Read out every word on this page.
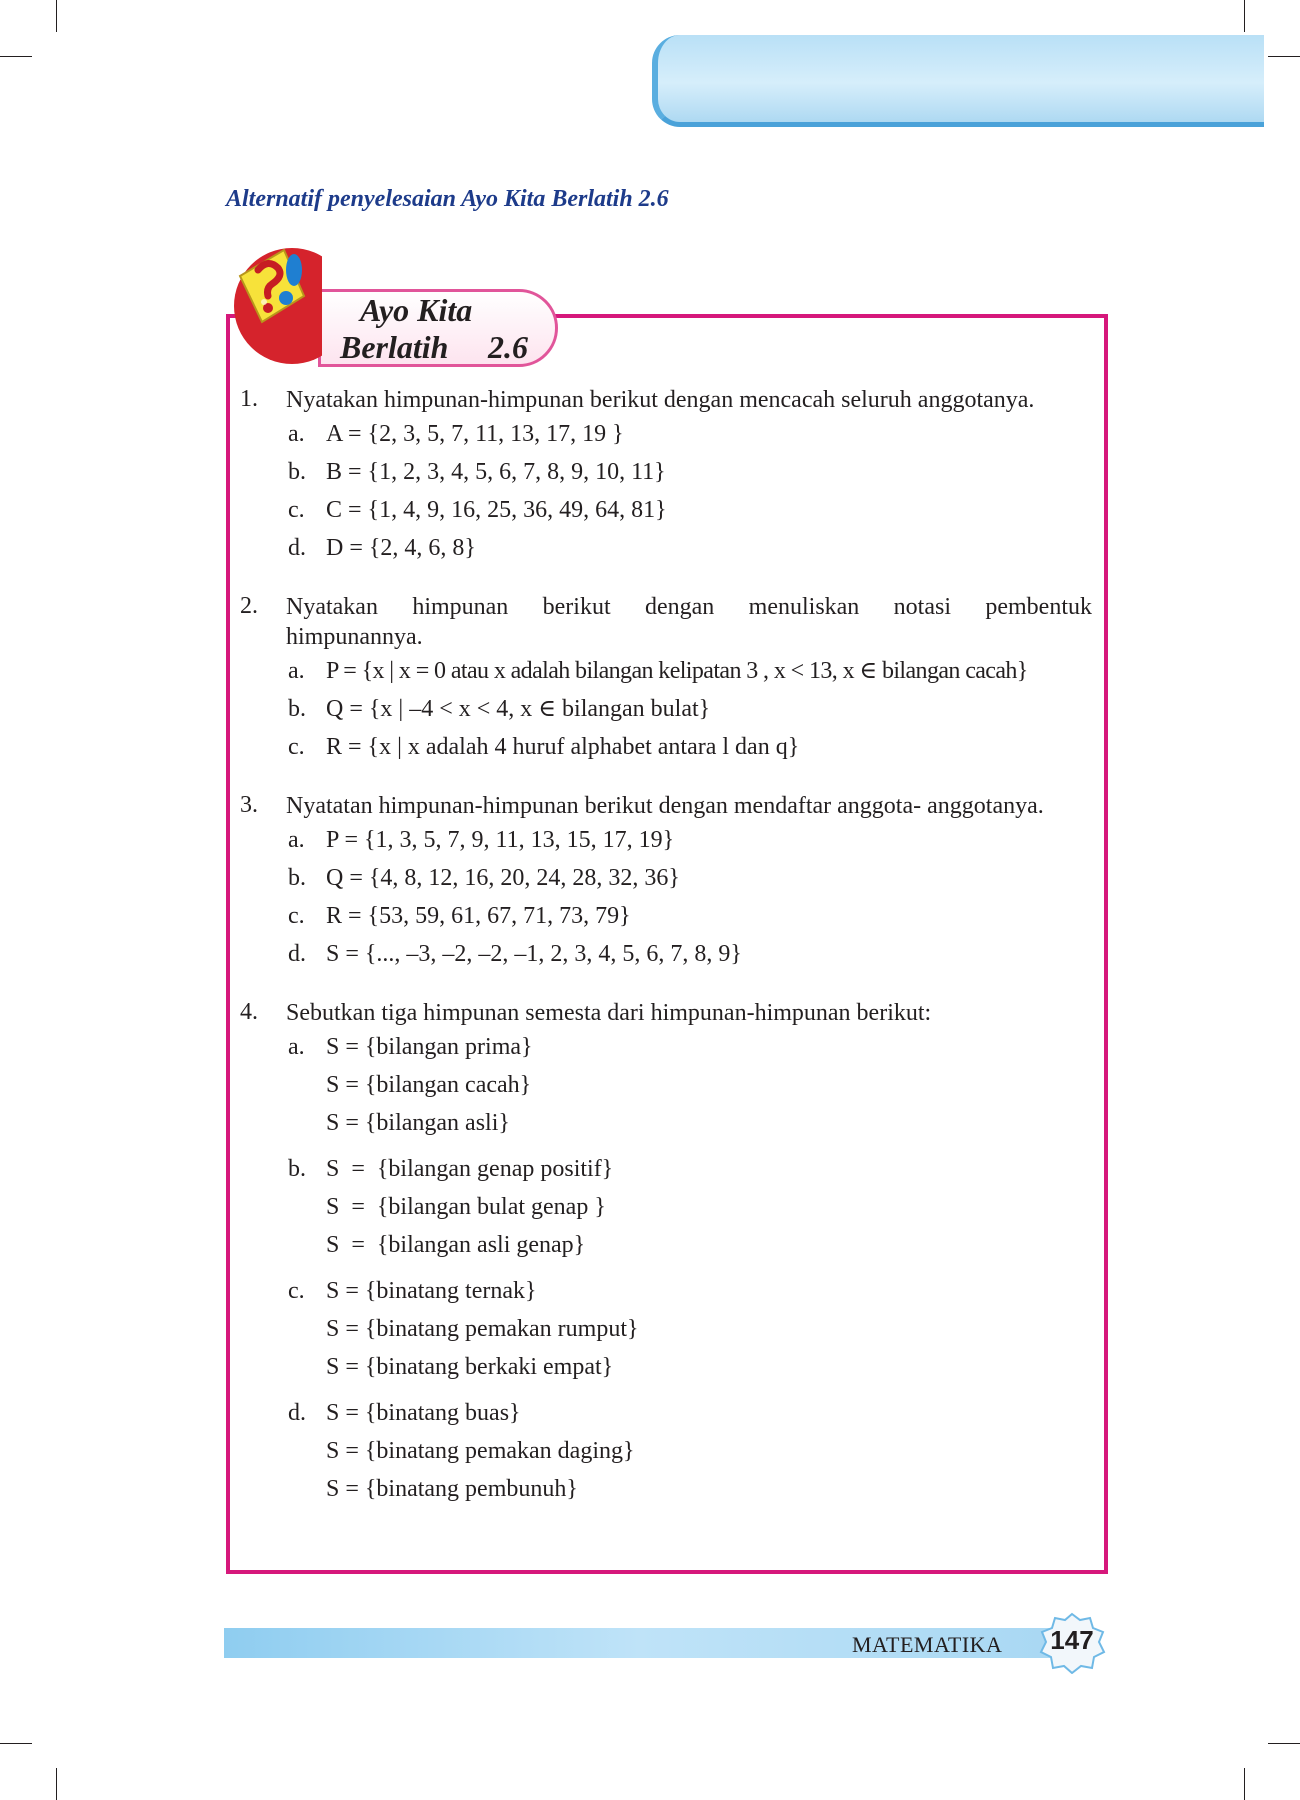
Alternatif penyelesaian Ayo Kita Berlatih 2.6
Ayo Kita
Berlatih 2.6
1. Nyatakan himpunan-himpunan berikut dengan mencacah seluruh anggotanya.
a. A = {2, 3, 5, 7, 11, 13, 17, 19 }
b. B = {1, 2, 3, 4, 5, 6, 7, 8, 9, 10, 11}
c. C = {1, 4, 9, 16, 25, 36, 49, 64, 81}
d. D = {2, 4, 6, 8}
2. Nyatakan himpunan berikut dengan menuliskan notasi pembentuk
himpunannya.
a. P = {x | x = 0 atau x adalah bilangan kelipatan 3 , x < 13, x ∈ bilangan cacah}
b. Q = {x | –4 < x < 4, x ∈ bilangan bulat}
c. R = {x | x adalah 4 huruf alphabet antara l dan q}
3. Nyatatan himpunan-himpunan berikut dengan mendaftar anggota- anggotanya.
a. P = {1, 3, 5, 7, 9, 11, 13, 15, 17, 19}
b. Q = {4, 8, 12, 16, 20, 24, 28, 32, 36}
c. R = {53, 59, 61, 67, 71, 73, 79}
d. S = {..., –3, –2, –2, –1, 2, 3, 4, 5, 6, 7, 8, 9}
4. Sebutkan tiga himpunan semesta dari himpunan-himpunan berikut:
a. S = {bilangan prima}
S = {bilangan cacah}
S = {bilangan asli}
b. S  =  {bilangan genap positif}
S  =  {bilangan bulat genap }
S  =  {bilangan asli genap}
c. S = {binatang ternak}
S = {binatang pemakan rumput}
S = {binatang berkaki empat}
d. S = {binatang buas}
S = {binatang pemakan daging}
S = {binatang pembunuh}
MATEMATIKA	147
